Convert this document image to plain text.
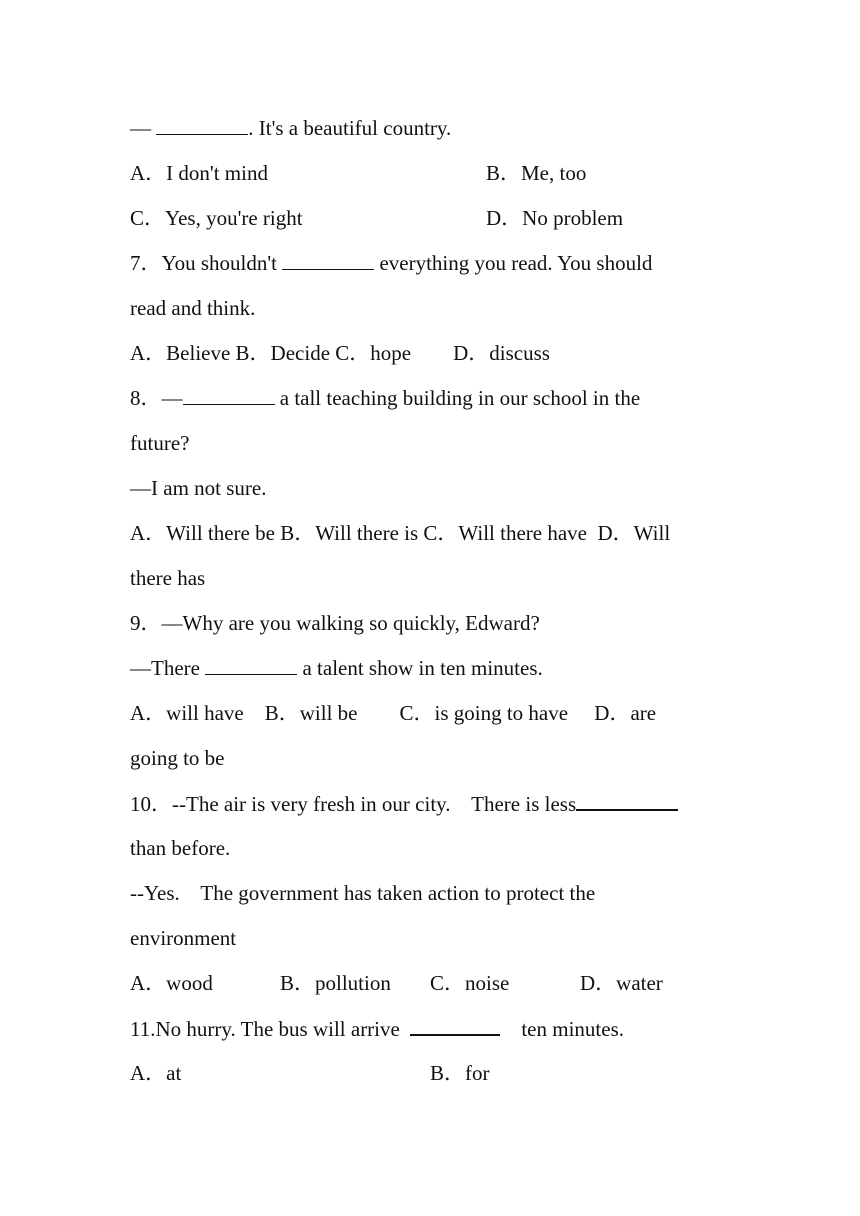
—	. It's a beautiful country.
A．I don't mind	B．Me, too
C．Yes, you're right	D．No problem
7．You shouldn't	everything you read. You should
read and think.
A．Believe B．Decide C．hope        D．discuss
8．—	a tall teaching building in our school in the
future?
—I am not sure.
A．Will there be B．Will there is C．Will there have  D．Will
there has
9．—Why are you walking so quickly, Edward?
—There	a talent show in ten minutes.
A．will have    B．will be        C．is going to have     D．are
going to be
10．--The air is very fresh in our city.    There is less
than before.
--Yes.    The government has taken action to protect the
environment
A．wood	B．pollution C．noise	D．water
11.No hurry. The bus will arrive	ten minutes.
A．at	B．for
